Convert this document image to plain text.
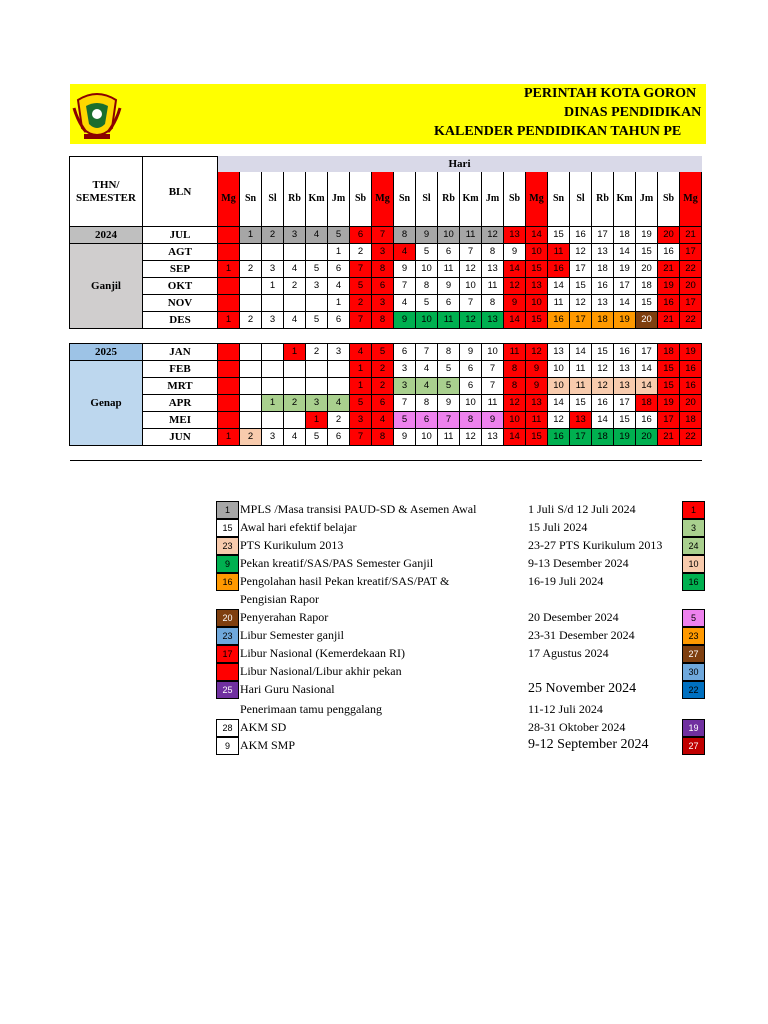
PERINTAH KOTA GORON
DINAS PENDIDIKAN
KALENDER PENDIDIKAN TAHUN PE
THN/ SEMESTER	BLN	Hari																					
		Mg	Sn	Sl	Rb	Km	Jm	Sb	Mg	Sn	Sl	Rb	Km	Jm	Sb	Mg	Sn	Sl	Rb	Km	Jm	Sb	Mg
2024	JUL		1	2	3	4	5	6	7	8	9	10	11	12	13	14	15	16	17	18	19	20	21
Ganjil	AGT						1	2	3	4	5	6	7	8	9	10	11	12	13	14	15	16	17
	SEP	1	2	3	4	5	6	7	8	9	10	11	12	13	14	15	16	17	18	19	20	21	22
	OKT			1	2	3	4	5	6	7	8	9	10	11	12	13	14	15	16	17	18	19	20
	NOV						1	2	3	4	5	6	7	8	9	10	11	12	13	14	15	16	17
	DES	1	2	3	4	5	6	7	8	9	10	11	12	13	14	15	16	17	18	19	20	21	22

2025	JAN				1	2	3	4	5	6	7	8	9	10	11	12	13	14	15	16	17	18	19
Genap	FEB							1	2	3	4	5	6	7	8	9	10	11	12	13	14	15	16
	MRT							1	2	3	4	5	6	7	8	9	10	11	12	13	14	15	16
	APR			1	2	3	4	5	6	7	8	9	10	11	12	13	14	15	16	17	18	19	20
	MEI					1	2	3	4	5	6	7	8	9	10	11	12	13	14	15	16	17	18
	JUN	1	2	3	4	5	6	7	8	9	10	11	12	13	14	15	16	17	18	19	20	21	22

1 MPLS /Masa transisi PAUD-SD & Asemen Awal	1 Juli S/d 12 Juli 2024	1
15 Awal hari efektif belajar	15 Juli 2024	3
23 PTS Kurikulum 2013	23-27 PTS Kurikulum 2013	24
9 Pekan kreatif/SAS/PAS Semester Ganjil	9-13 Desember 2024	10
16 Pengolahan hasil Pekan kreatif/SAS/PAT &	16-19 Juli 2024	16
Pengisian Rapor
20 Penyerahan Rapor	20 Desember 2024	5
23 Libur Semester ganjil	23-31 Desember 2024	23
17 Libur Nasional (Kemerdekaan RI)	17 Agustus 2024	27
Libur Nasional/Libur akhir pekan	30
25 Hari Guru Nasional	25 November 2024	22
Penerimaan tamu penggalang	11-12 Juli 2024
28 AKM SD	28-31 Oktober 2024	19
9 AKM SMP	9-12 September 2024	27
